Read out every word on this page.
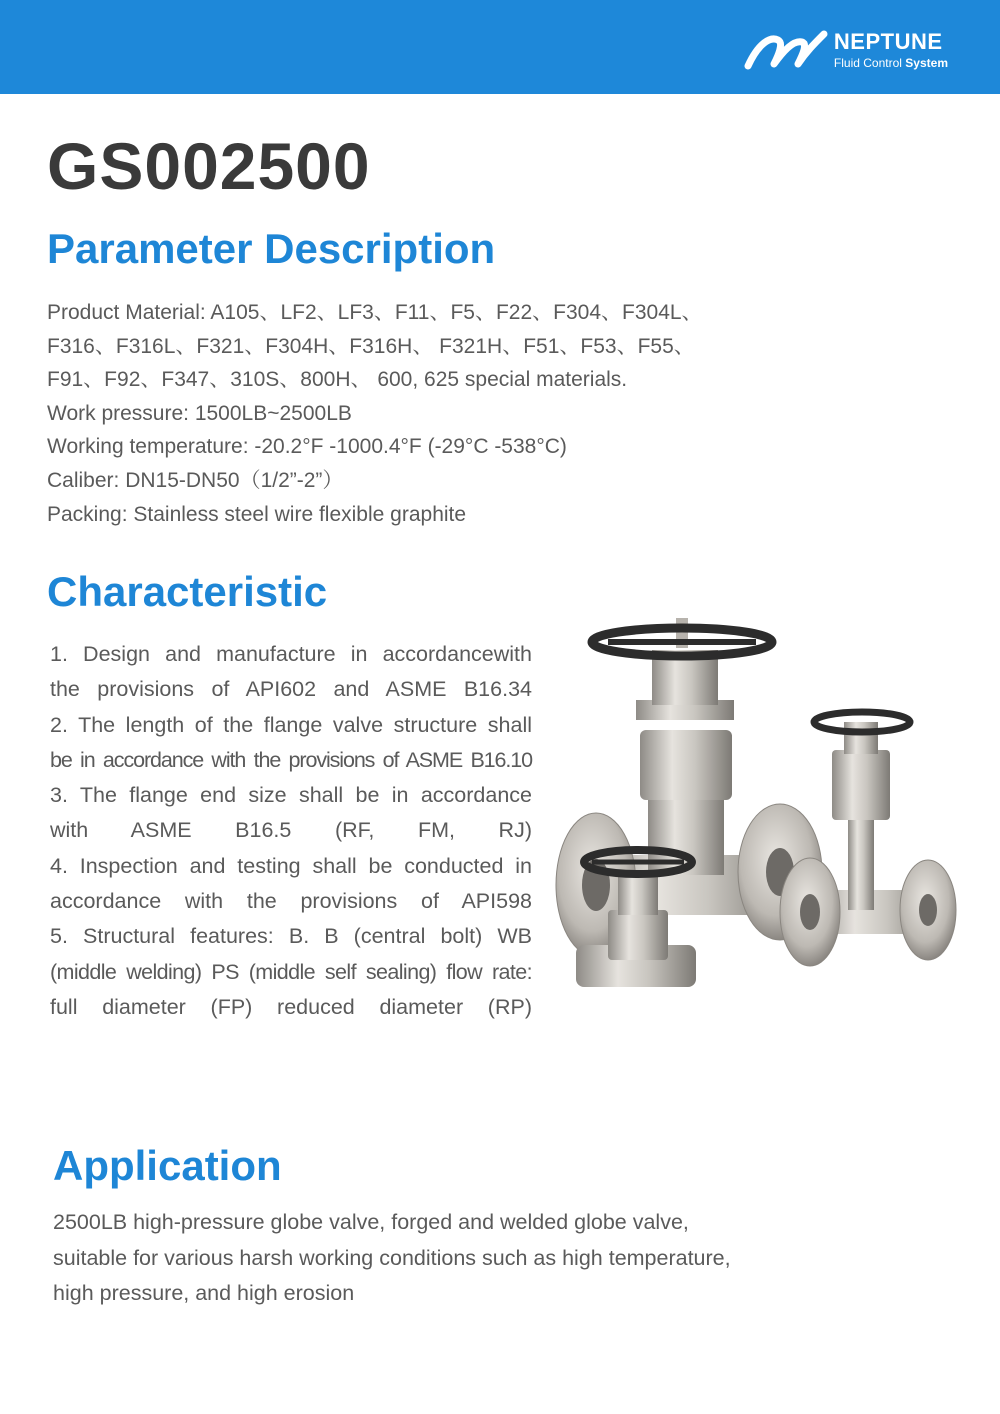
NEPTUNE
Fluid Control System
GS002500
Parameter Description
Product Material: A105、LF2、LF3、F11、F5、F22、F304、F304L、
F316、F316L、F321、F304H、F316H、 F321H、F51、F53、F55、
F91、F92、F347、310S、800H、 600, 625 special materials.
Work pressure: 1500LB~2500LB
Working temperature: -20.2°F -1000.4°F (-29°C -538°C)
Caliber: DN15-DN50（1/2”-2”）
Packing: Stainless steel wire flexible graphite
Characteristic
1. Design and manufacture in accordancewith
the provisions of API602 and ASME B16.34
2. The length of the flange valve structure shall
be in accordance with the provisions of ASME B16.10
3. The flange end size shall be in accordance
with ASME B16.5 (RF, FM, RJ)
4. Inspection and testing shall be conducted in
accordance with the provisions of API598
5. Structural features: B. B (central bolt) WB
(middle welding) PS (middle self sealing) flow rate:
full diameter (FP) reduced diameter (RP)
Application
2500LB high-pressure globe valve, forged and welded globe valve,
suitable for various harsh working conditions such as high temperature,
high pressure, and high erosion
